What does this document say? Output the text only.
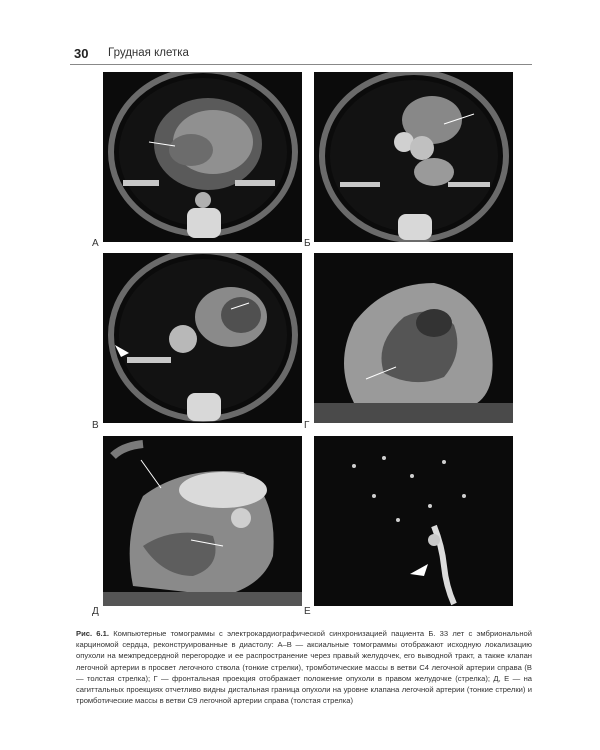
30 Грудная клетка
А	Б
В	Г
Д	Е
Рис. 6.1. Компьютерные томограммы с электрокардиографической синхронизацией пациента Б. 33 лет с эмбриональной карциномой сердца, реконструированные в диастолу: А–В — аксиальные томограммы отображают исходную локализацию опухоли на межпредсердной перегородке и ее распространение через правый желудочек, его выводной тракт, а также клапан легочной артерии в просвет легочного ствола (тонкие стрелки), тромботические массы в ветви С4 легочной артерии справа (В — толстая стрелка); Г — фронтальная проекция отображает положение опухоли в правом желудочке (стрелка); Д, Е — на сагиттальных проекциях отчетливо видны дистальная граница опухоли на уровне клапана легочной артерии (тонкие стрелки) и тромботические массы в ветви С9 легочной артерии справа (толстая стрелка)
